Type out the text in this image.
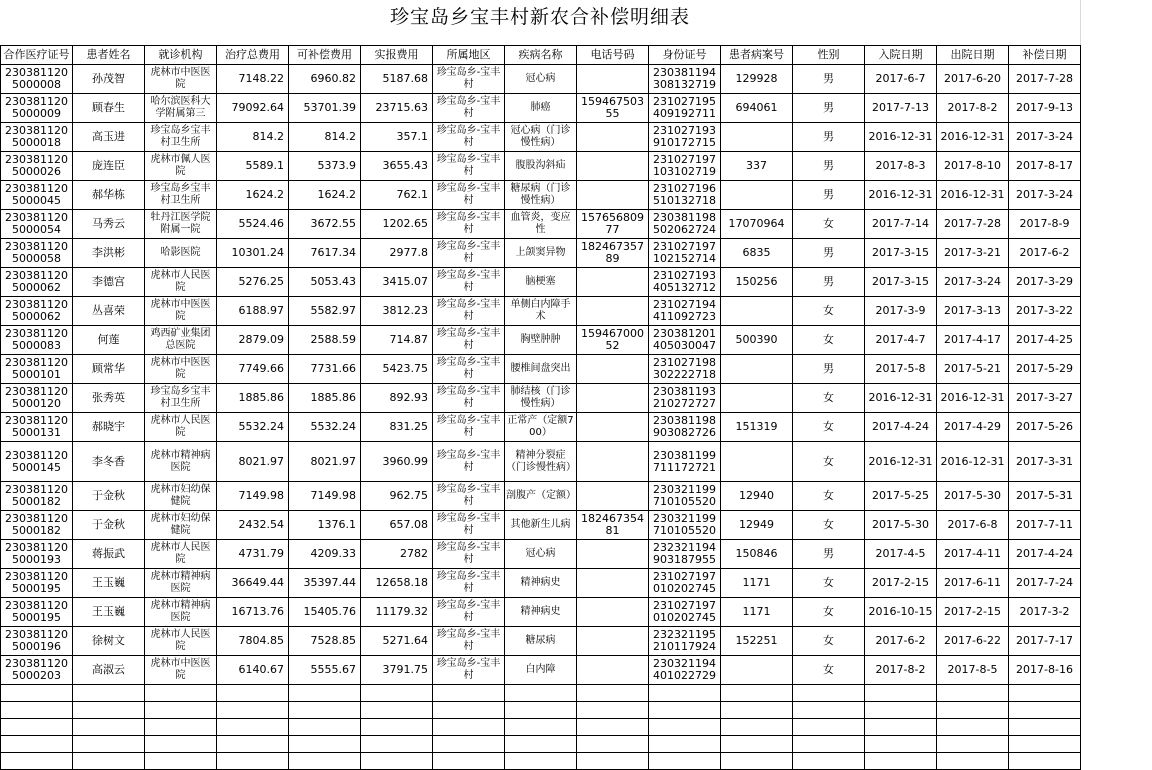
珍宝岛乡宝丰村新农合补偿明细表
合作医疗证号	患者姓名	就诊机构	治疗总费用	可补偿费用	实报费用	所属地区	疾病名称	电话号码	身份证号	患者病案号	性别	入院日期	出院日期	补偿日期
2303811205000008	孙茂智	虎林市中医医院	7148.22	6960.82	5187.68	珍宝岛乡-宝丰村	冠心病		230381194308132719	129928	男	2017-6-7	2017-6-20	2017-7-28
2303811205000009	顾春生	哈尔滨医科大学附属第三	79092.64	53701.39	23715.63	珍宝岛乡-宝丰村	肺癌	15946750355	231027195409192711	694061	男	2017-7-13	2017-8-2	2017-9-13
2303811205000018	高玉进	珍宝岛乡宝丰村卫生所	814.2	814.2	357.1	珍宝岛乡-宝丰村	冠心病（门诊慢性病）		231027193910172715		男	2016-12-31	2016-12-31	2017-3-24
2303811205000026	庞连臣	虎林市佩人医院	5589.1	5373.9	3655.43	珍宝岛乡-宝丰村	腹股沟斜疝		231027197103102719	337	男	2017-8-3	2017-8-10	2017-8-17
2303811205000045	郝华栋	珍宝岛乡宝丰村卫生所	1624.2	1624.2	762.1	珍宝岛乡-宝丰村	糖尿病（门诊慢性病）		231027196510132718		男	2016-12-31	2016-12-31	2017-3-24
2303811205000054	马秀云	牡丹江医学院附属一院	5524.46	3672.55	1202.65	珍宝岛乡-宝丰村	血管炎，变应性	15765680977	230381198502062724	17070964	女	2017-7-14	2017-7-28	2017-8-9
2303811205000058	李洪彬	哈影医院	10301.24	7617.34	2977.8	珍宝岛乡-宝丰村	上颌窦异物	18246735789	231027197102152714	6835	男	2017-3-15	2017-3-21	2017-6-2
2303811205000062	李德宫	虎林市人民医院	5276.25	5053.43	3415.07	珍宝岛乡-宝丰村	脑梗塞		231027193405132712	150256	男	2017-3-15	2017-3-24	2017-3-29
2303811205000062	丛喜荣	虎林市中医医院	6188.97	5582.97	3812.23	珍宝岛乡-宝丰村	单侧白内障手术		231027194411092723		女	2017-3-9	2017-3-13	2017-3-22
2303811205000083	何莲	鸡西矿业集团总医院	2879.09	2588.59	714.87	珍宝岛乡-宝丰村	胸壁肿肿	15946700052	230381201405030047	500390	女	2017-4-7	2017-4-17	2017-4-25
2303811205000101	顾常华	虎林市中医医院	7749.66	7731.66	5423.75	珍宝岛乡-宝丰村	腰椎间盘突出		231027198302222718		男	2017-5-8	2017-5-21	2017-5-29
2303811205000120	张秀英	珍宝岛乡宝丰村卫生所	1885.86	1885.86	892.93	珍宝岛乡-宝丰村	肺结核（门诊慢性病）		230381193210272727		女	2016-12-31	2016-12-31	2017-3-27
2303811205000131	郝晓宇	虎林市人民医院	5532.24	5532.24	831.25	珍宝岛乡-宝丰村	正常产（定额700）		230381198903082726	151319	女	2017-4-24	2017-4-29	2017-5-26
2303811205000145	李冬香	虎林市精神病医院	8021.97	8021.97	3960.99	珍宝岛乡-宝丰村	精神分裂症（门诊慢性病）		230381199711172721		女	2016-12-31	2016-12-31	2017-3-31
2303811205000182	于金秋	虎林市妇幼保健院	7149.98	7149.98	962.75	珍宝岛乡-宝丰村	剖腹产（定额）		230321199710105520	12940	女	2017-5-25	2017-5-30	2017-5-31
2303811205000182	于金秋	虎林市妇幼保健院	2432.54	1376.1	657.08	珍宝岛乡-宝丰村	其他新生儿病	18246735481	230321199710105520	12949	女	2017-5-30	2017-6-8	2017-7-11
2303811205000193	蒋振武	虎林市人民医院	4731.79	4209.33	2782	珍宝岛乡-宝丰村	冠心病		232321194903187955	150846	男	2017-4-5	2017-4-11	2017-4-24
2303811205000195	王玉巍	虎林市精神病医院	36649.44	35397.44	12658.18	珍宝岛乡-宝丰村	精神病史		231027197010202745	1171	女	2017-2-15	2017-6-11	2017-7-24
2303811205000195	王玉巍	虎林市精神病医院	16713.76	15405.76	11179.32	珍宝岛乡-宝丰村	精神病史		231027197010202745	1171	女	2016-10-15	2017-2-15	2017-3-2
2303811205000196	徐树文	虎林市人民医院	7804.85	7528.85	5271.64	珍宝岛乡-宝丰村	糖尿病		232321195210117924	152251	女	2017-6-2	2017-6-22	2017-7-17
2303811205000203	高淑云	虎林市中医医院	6140.67	5555.67	3791.75	珍宝岛乡-宝丰村	白内障		230321194401022729		女	2017-8-2	2017-8-5	2017-8-16
